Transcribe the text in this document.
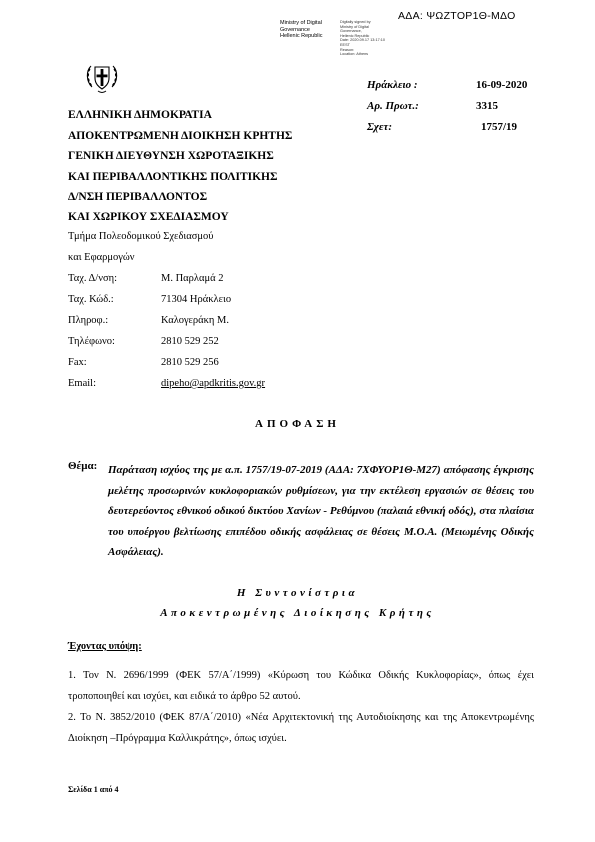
ΑΔΑ: ΨΩΖΤΟΡ1Θ-ΜΔΟ
Ministry of Digital
Governance
Hellenic Republic
Digitally signed by
Ministry of Digital
Governance,
Hellenic Republic
Date: 2020.09.17 13:17:10
EEST
Reason:
Location: Athens
Ηράκλειο :	16-09-2020
Αρ. Πρωτ.:	3315
Σχετ:	1757/19
ΕΛΛΗΝΙΚΗ ΔΗΜΟΚΡΑΤΙΑ
ΑΠΟΚΕΝΤΡΩΜΕΝΗ ΔΙΟΙΚΗΣΗ ΚΡΗΤΗΣ
ΓΕΝΙΚΗ ΔΙΕΥΘΥΝΣΗ ΧΩΡΟΤΑΞΙΚΗΣ
ΚΑΙ ΠΕΡΙΒΑΛΛΟΝΤΙΚΗΣ ΠΟΛΙΤΙΚΗΣ
Δ/ΝΣΗ ΠΕΡΙΒΑΛΛΟΝΤΟΣ
ΚΑΙ ΧΩΡΙΚΟΥ ΣΧΕΔΙΑΣΜΟΥ
Τμήμα Πολεοδομικού Σχεδιασμού
και Εφαρμογών
Ταχ. Δ/νση:	Μ. Παρλαμά 2
Ταχ. Κώδ.:	71304 Ηράκλειο
Πληροφ.:	Καλογεράκη Μ.
Τηλέφωνο:	2810 529 252
Fax:	2810 529 256
Email:	dipeho@apdkritis.gov.gr
ΑΠΟΦΑΣΗ
Θέμα: Παράταση ισχύος της με α.π. 1757/19-07-2019 (ΑΔΑ: 7ΧΦΥΟΡ1Θ-Μ27) απόφασης έγκρισης μελέτης προσωρινών κυκλοφοριακών ρυθμίσεων, για την εκτέλεση εργασιών σε θέσεις του δευτερεύοντος εθνικού οδικού δικτύου Χανίων - Ρεθύμνου (παλαιά εθνική οδός), στα πλαίσια του υποέργου βελτίωσης επιπέδου οδικής ασφάλειας σε θέσεις Μ.Ο.Α. (Μειωμένης Οδικής Ασφάλειας).
Η Συντονίστρια
Αποκεντρωμένης Διοίκησης Κρήτης
Έχοντας υπόψη:
1. Τον Ν. 2696/1999 (ΦΕΚ 57/Α΄/1999) «Κύρωση του Κώδικα Οδικής Κυκλοφορίας», όπως έχει τροποποιηθεί και ισχύει, και ειδικά το άρθρο 52 αυτού.
2. Το Ν. 3852/2010 (ΦΕΚ 87/Α΄/2010) «Νέα Αρχιτεκτονική της Αυτοδιοίκησης και της Αποκεντρωμένης Διοίκηση –Πρόγραμμα Καλλικράτης», όπως ισχύει.
Σελίδα 1 από 4
